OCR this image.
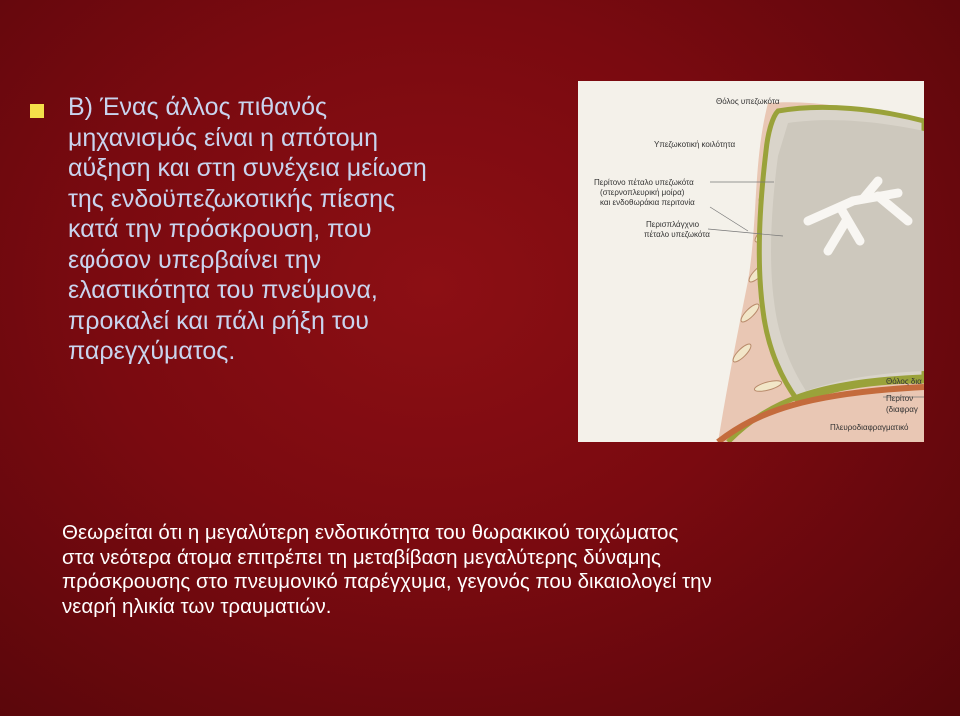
Β) Ένας άλλος πιθανός
μηχανισμός είναι η απότομη
αύξηση και στη συνέχεια μείωση
της ενδοϋπεζωκοτικής πίεσης
κατά την πρόσκρουση, που
εφόσον υπερβαίνει την
ελαστικότητα του πνεύμονα,
προκαλεί και πάλι ρήξη του
παρεγχύματος.
Θόλος υπεζωκότα
Υπεζωκοτική κοιλότητα
Περίτονο πέταλο υπεζωκότα
(στερνοπλευρική μοίρα)
και ενδοθωράκια περιτονία
Περισπλάγχνιο
πέταλο υπεζωκότα
Θόλος δια
Περίτον
(διαφραγ
Πλευροδιαφραγματικό
Θεωρείται ότι η μεγαλύτερη ενδοτικότητα του θωρακικού τοιχώματος
στα νεότερα άτομα επιτρέπει τη μεταβίβαση μεγαλύτερης δύναμης
πρόσκρουσης στο πνευμονικό παρέγχυμα, γεγονός που δικαιολογεί την
νεαρή ηλικία των τραυματιών.
